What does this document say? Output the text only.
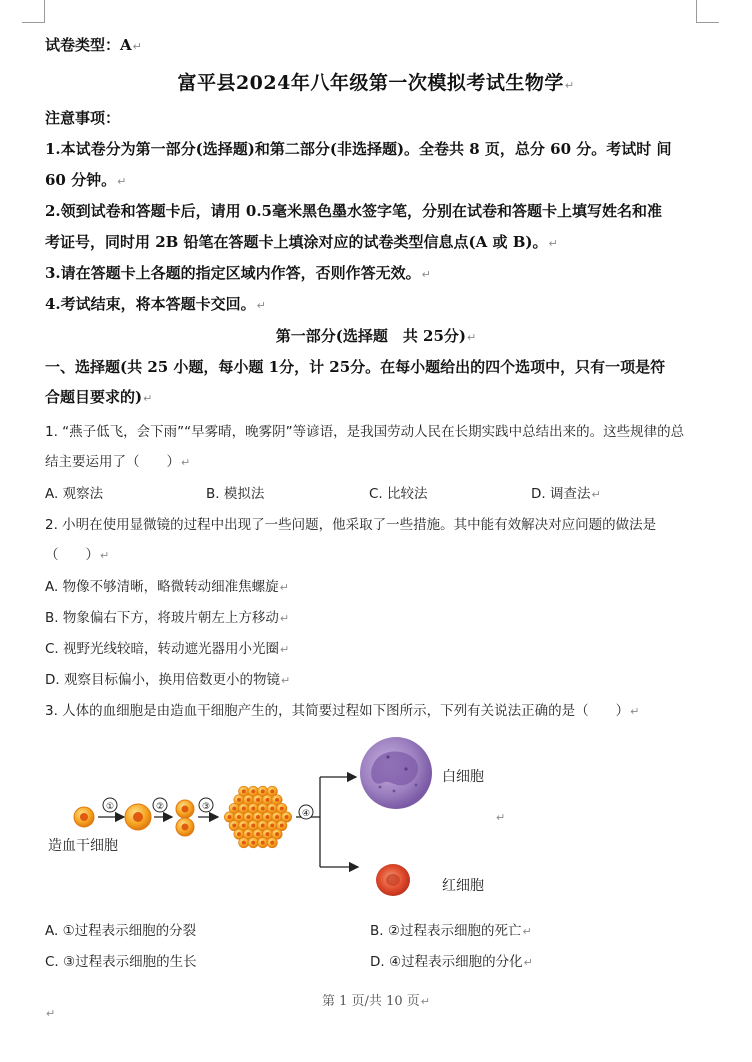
试卷类型：A↵
富平县2024年八年级第一次模拟考试生物学↵
注意事项：
1.本试卷分为第一部分(选择题)和第二部分(非选择题)。全卷共 8 页，总分 60 分。考试时 间
60 分钟。↵
2.领到试卷和答题卡后，请用 0.5毫米黑色墨水签字笔，分别在试卷和答题卡上填写姓名和准
考证号，同时用 2B 铅笔在答题卡上填涂对应的试卷类型信息点(A 或 B)。↵
3.请在答题卡上各题的指定区域内作答，否则作答无效。↵
4.考试结束，将本答题卡交回。↵
第一部分(选择题　共 25分)↵
一、选择题(共 25 小题，每小题 1分，计 25分。在每小题给出的四个选项中，只有一项是符
合题目要求的)↵
1. “燕子低飞，会下雨”“早雾晴，晚雾阴”等谚语，是我国劳动人民在长期实践中总结出来的。这些规律的总
结主要运用了（　　）↵
A. 观察法	B. 模拟法	C. 比较法	D. 调查法↵
2. 小明在使用显微镜的过程中出现了一些问题，他采取了一些措施。其中能有效解决对应问题的做法是
（　　）↵
A. 物像不够清晰，略微转动细准焦螺旋↵
B. 物象偏右下方，将玻片朝左上方移动↵
C. 视野光线较暗，转动遮光器用小光圈↵
D. 观察目标偏小，换用倍数更小的物镜↵
3. 人体的血细胞是由造血干细胞产生的，其简要过程如下图所示，下列有关说法正确的是（　　）↵
①	②	③
④
造血干细胞
白细胞
红细胞
↵
A. ①过程表示细胞的分裂	B. ②过程表示细胞的死亡↵
C. ③过程表示细胞的生长	D. ④过程表示细胞的分化↵
第 1 页/共 10 页↵
↵
